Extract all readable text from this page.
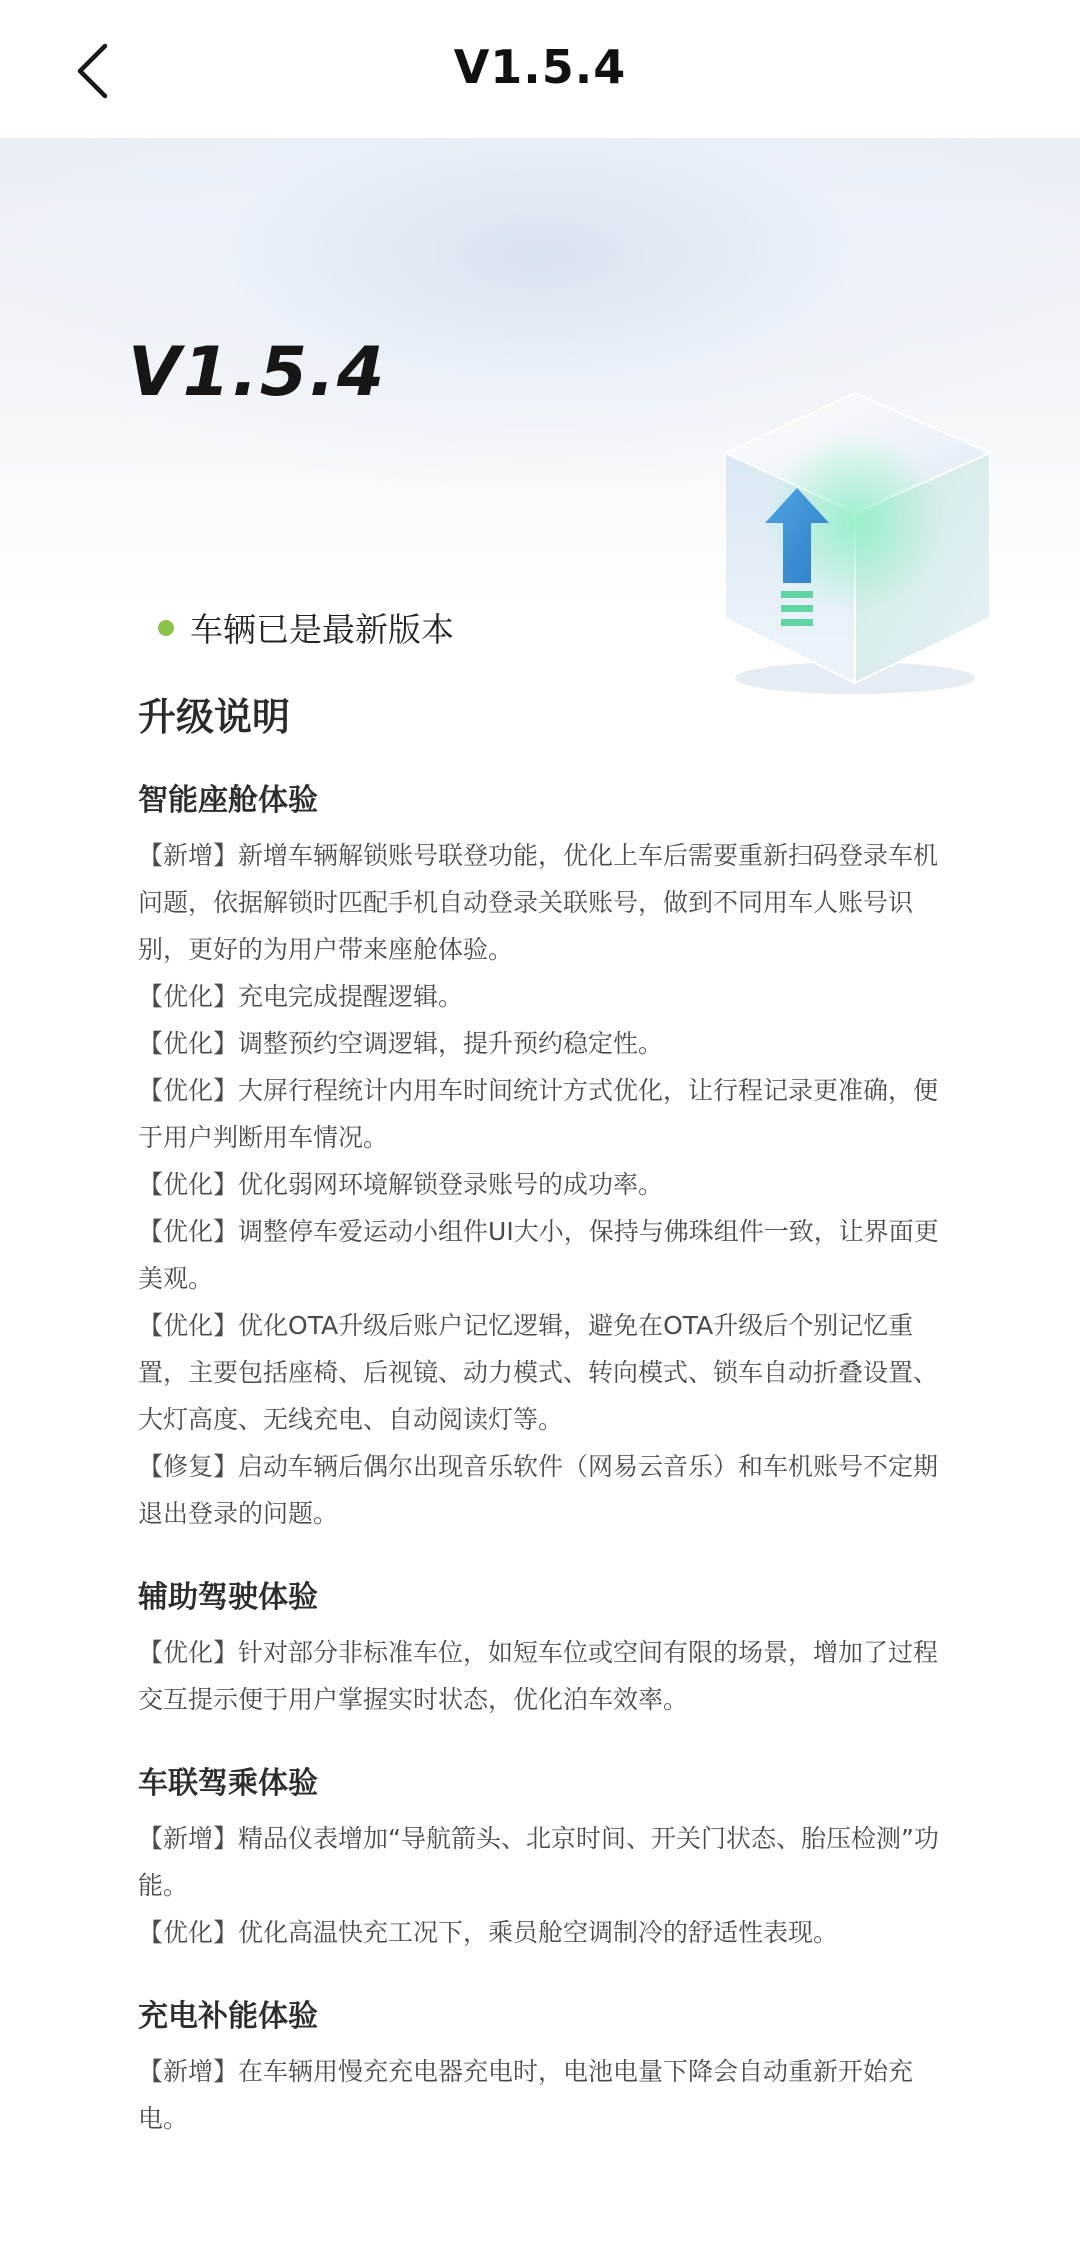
V1.5.4
V1.5.4
车辆已是最新版本
升级说明
智能座舱体验

【新增】新增车辆解锁账号联登功能，优化上车后需要重新扫码登录车机问题，依据解锁时匹配手机自动登录关联账号，做到不同用车人账号识别，更好的为用户带来座舱体验。

【优化】充电完成提醒逻辑。

【优化】调整预约空调逻辑，提升预约稳定性。

【优化】大屏行程统计内用车时间统计方式优化，让行程记录更准确，便于用户判断用车情况。

【优化】优化弱网环境解锁登录账号的成功率。

【优化】调整停车爱运动小组件UI大小，保持与佛珠组件一致，让界面更美观。

【优化】优化OTA升级后账户记忆逻辑，避免在OTA升级后个别记忆重置，主要包括座椅、后视镜、动力模式、转向模式、锁车自动折叠设置、大灯高度、无线充电、自动阅读灯等。

【修复】启动车辆后偶尔出现音乐软件（网易云音乐）和车机账号不定期退出登录的问题。

辅助驾驶体验

【优化】针对部分非标准车位，如短车位或空间有限的场景，增加了过程交互提示便于用户掌握实时状态，优化泊车效率。

车联驾乘体验

【新增】精品仪表增加“导航箭头、北京时间、开关门状态、胎压检测”功能。

【优化】优化高温快充工况下，乘员舱空调制冷的舒适性表现。

充电补能体验

【新增】在车辆用慢充充电器充电时，电池电量下降会自动重新开始充电。
